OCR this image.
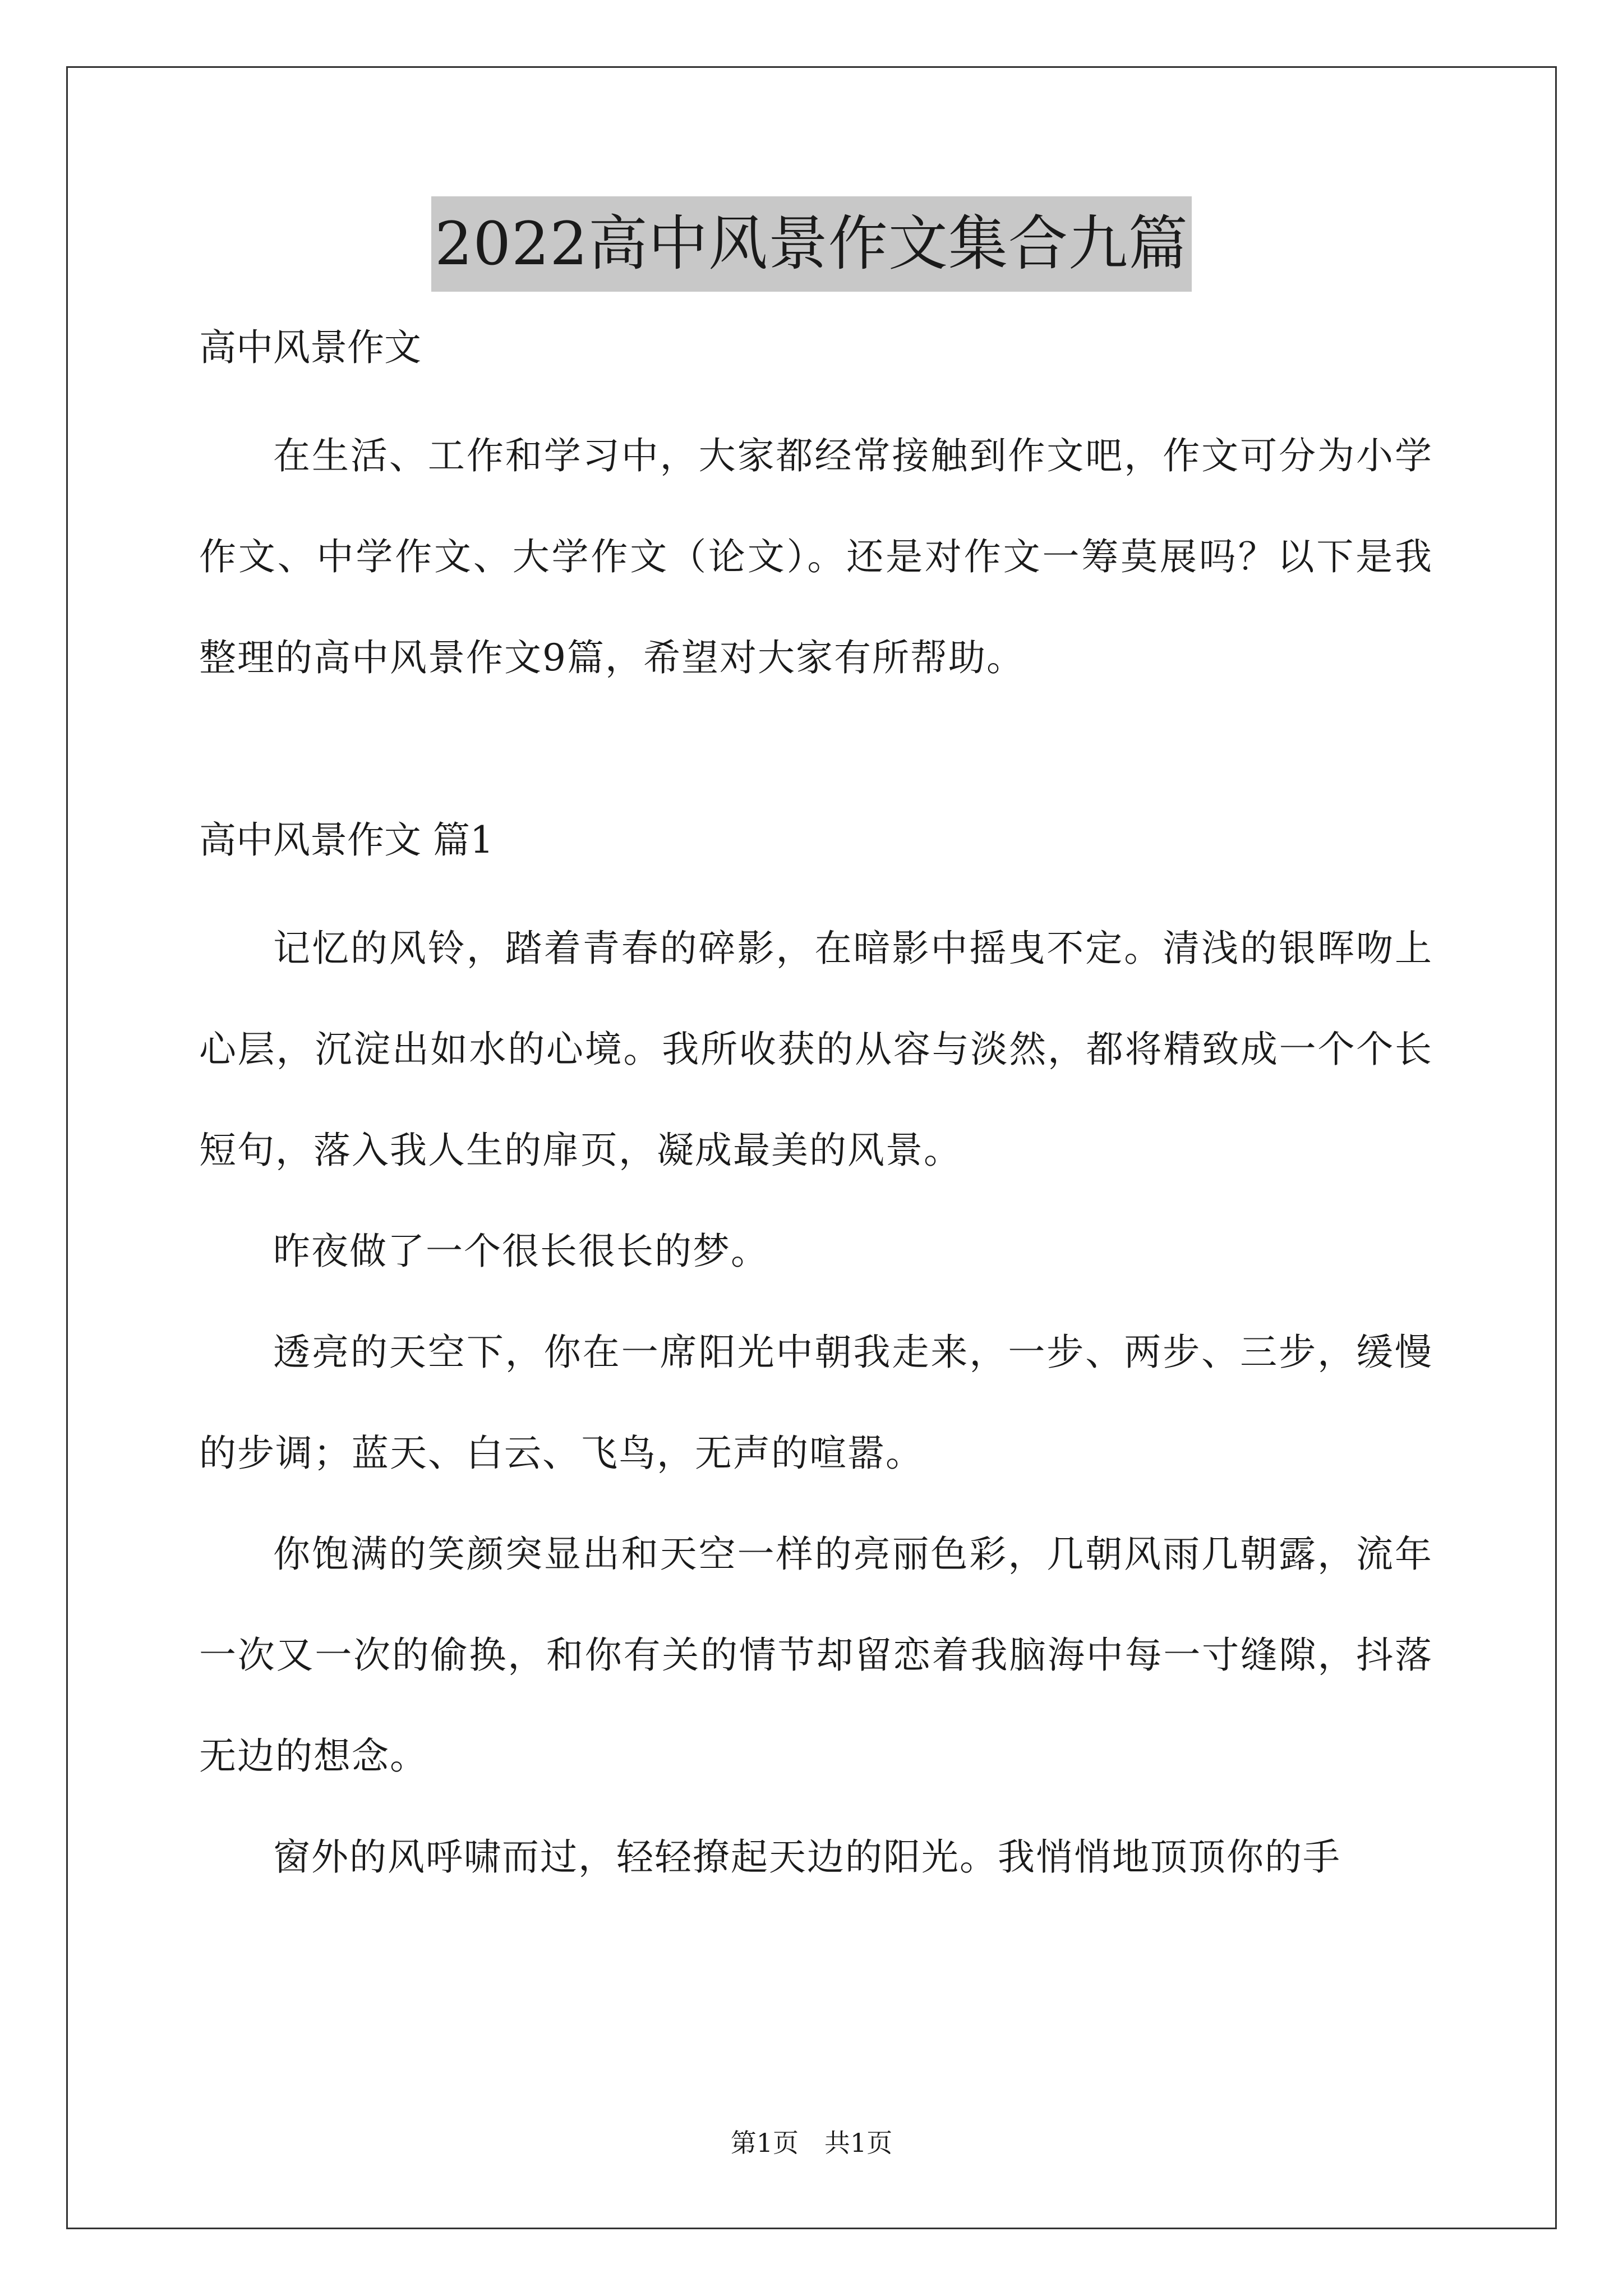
2022高中风景作文集合九篇

高中风景作文

在生活、工作和学习中，大家都经常接触到作文吧，作文可分为小学作文、中学作文、大学作文（论文）。还是对作文一筹莫展吗？以下是我整理的高中风景作文9篇，希望对大家有所帮助。

高中风景作文 篇1

记忆的风铃，踏着青春的碎影，在暗影中摇曳不定。清浅的银晖吻上心层，沉淀出如水的心境。我所收获的从容与淡然，都将精致成一个个长短句，落入我人生的扉页，凝成最美的风景。

昨夜做了一个很长很长的梦。

透亮的天空下，你在一席阳光中朝我走来，一步、两步、三步，缓慢的步调；蓝天、白云、飞鸟，无声的喧嚣。

你饱满的笑颜突显出和天空一样的亮丽色彩，几朝风雨几朝露，流年一次又一次的偷换，和你有关的情节却留恋着我脑海中每一寸缝隙，抖落无边的想念。

窗外的风呼啸而过，轻轻撩起天边的阳光。我悄悄地顶顶你的手

第1页　共1页
